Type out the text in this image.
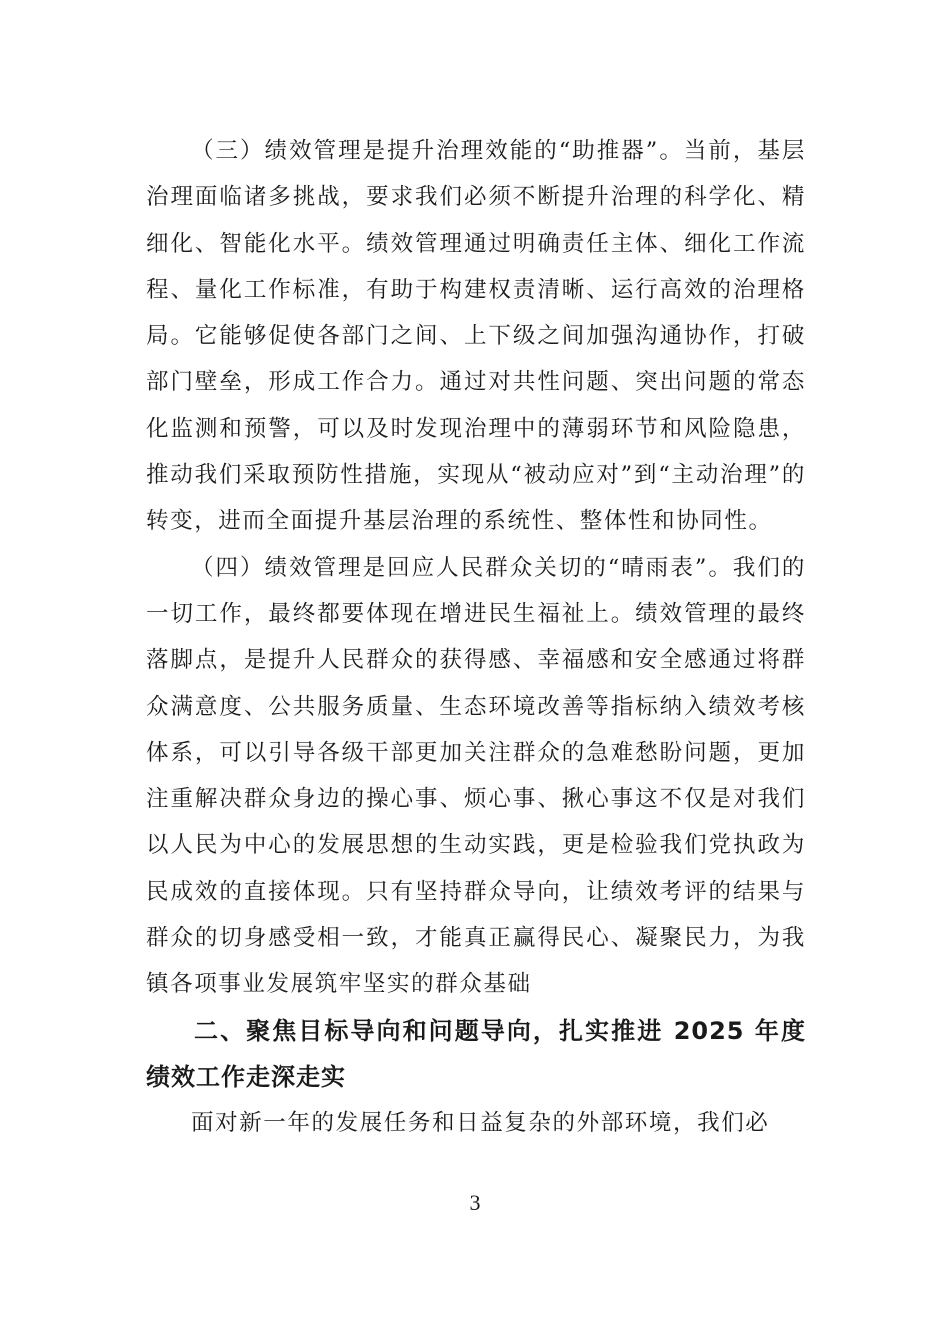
（三）绩效管理是提升治理效能的“助推器”。当前，基层治理面临诸多挑战，要求我们必须不断提升治理的科学化、精细化、智能化水平。绩效管理通过明确责任主体、细化工作流程、量化工作标准，有助于构建权责清晰、运行高效的治理格局。它能够促使各部门之间、上下级之间加强沟通协作，打破部门壁垒，形成工作合力。通过对共性问题、突出问题的常态化监测和预警，可以及时发现治理中的薄弱环节和风险隐患，推动我们采取预防性措施，实现从“被动应对”到“主动治理”的转变，进而全面提升基层治理的系统性、整体性和协同性。

（四）绩效管理是回应人民群众关切的“晴雨表”。我们的一切工作，最终都要体现在增进民生福祉上。绩效管理的最终落脚点，是提升人民群众的获得感、幸福感和安全感通过将群众满意度、公共服务质量、生态环境改善等指标纳入绩效考核体系，可以引导各级干部更加关注群众的急难愁盼问题，更加注重解决群众身边的操心事、烦心事、揪心事这不仅是对我们以人民为中心的发展思想的生动实践，更是检验我们党执政为民成效的直接体现。只有坚持群众导向，让绩效考评的结果与群众的切身感受相一致，才能真正赢得民心、凝聚民力，为我镇各项事业发展筑牢坚实的群众基础

二、聚焦目标导向和问题导向，扎实推进 2025 年度绩效工作走深走实

面对新一年的发展任务和日益复杂的外部环境，我们必

3
